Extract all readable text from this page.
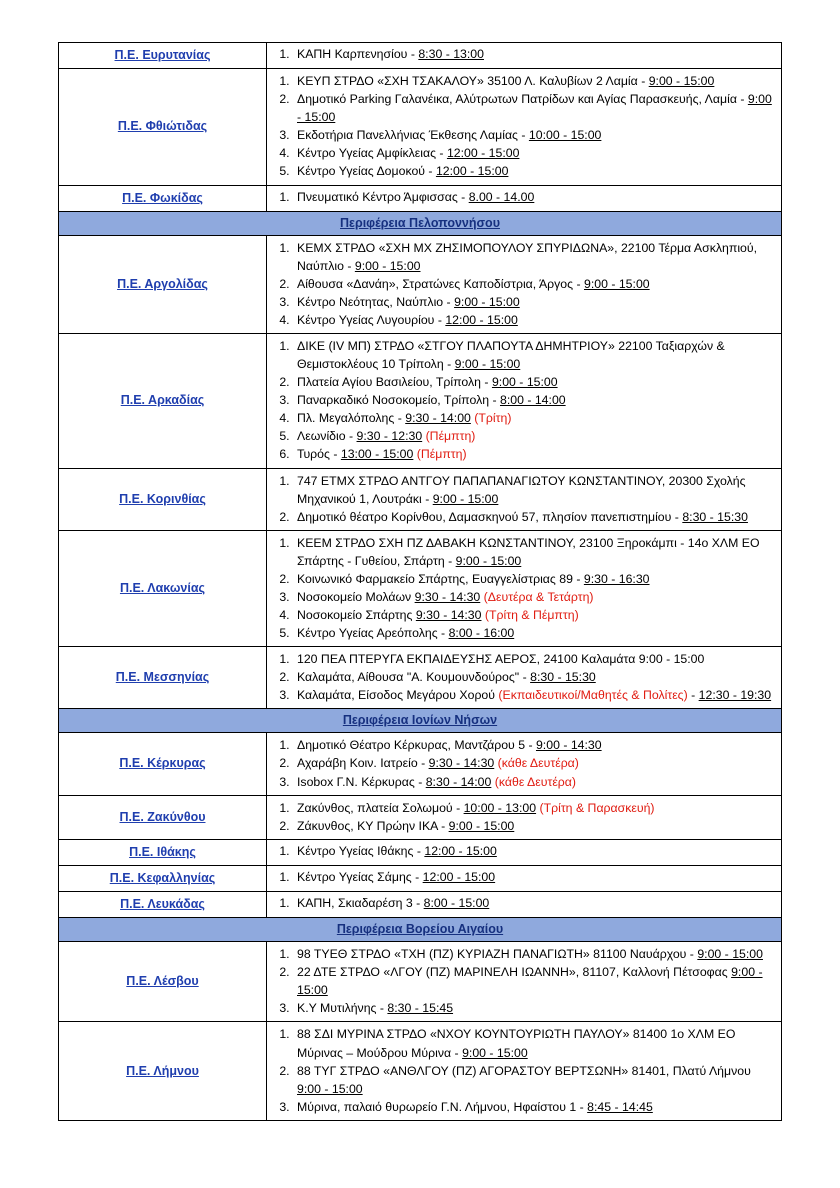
Π.Ε. Ευρυτανίας	
1.ΚΑΠΗ Καρπενησίου - 8:30 - 13:00

Π.Ε. Φθιώτιδας	
1. ΚΕΥΠ ΣΤΡΔΟ «ΣΧΗ ΤΣΑΚΑΛΟΥ» 35100 Λ. Καλυβίων 2 Λαμία - 9:00 - 15:00
2. Δημοτικό Parking Γαλανέικα, Αλύτρωτων Πατρίδων και Αγίας Παρασκευής, Λαμία - 9:00 - 15:00
3. Εκδοτήρια Πανελλήνιας Έκθεσης Λαμίας - 10:00 - 15:00
4. Κέντρο Υγείας Αμφίκλειας - 12:00 - 15:00
5. Κέντρο Υγείας Δομοκού - 12:00 - 15:00

Π.Ε. Φωκίδας	
1.Πνευματικό Κέντρο Άμφισσας - 8.00 - 14.00

Περιφέρεια Πελοποννήσου	

Π.Ε. Αργολίδας	
1. ΚΕΜΧ ΣΤΡΔΟ «ΣΧΗ ΜΧ ΖΗΣΙΜΟΠΟΥΛΟΥ ΣΠΥΡΙΔΩΝΑ», 22100 Τέρμα Ασκληπιού, Ναύπλιο - 9:00 - 15:00
2. Αίθουσα «Δανάη», Στρατώνες Καποδίστρια, Άργος - 9:00 - 15:00
3. Κέντρο Νεότητας, Ναύπλιο - 9:00 - 15:00
4. Κέντρο Υγείας Λυγουρίου - 12:00 - 15:00

Π.Ε. Αρκαδίας	
1. ΔΙΚΕ (IV ΜΠ) ΣΤΡΔΟ «ΣΤΓΟΥ ΠΛΑΠΟΥΤΑ ΔΗΜΗΤΡΙΟΥ» 22100 Ταξιαρχών & Θεμιστοκλέους 10 Τρίπολη - 9:00 - 15:00
2. Πλατεία Αγίου Βασιλείου, Τρίπολη - 9:00 - 15:00
3. Παναρκαδικό Νοσοκομείο, Τρίπολη - 8:00 - 14:00
4. Πλ. Μεγαλόπολης - 9:30 - 14:00 (Τρίτη)
5. Λεωνίδιο - 9:30 - 12:30 (Πέμπτη)
6. Τυρός - 13:00 - 15:00 (Πέμπτη)

Π.Ε. Κορινθίας	
1. 747 ΕΤΜΧ ΣΤΡΔΟ ΑΝΤΓΟΥ ΠΑΠΑΠΑΝΑΓΙΩΤΟΥ ΚΩΝΣΤΑΝΤΙΝΟΥ, 20300 Σχολής Μηχανικού 1, Λουτράκι - 9:00 - 15:00
2. Δημοτικό θέατρο Κορίνθου, Δαμασκηνού 57, πλησίον πανεπιστημίου - 8:30 - 15:30

Π.Ε. Λακωνίας	
1. ΚΕΕΜ ΣΤΡΔΟ ΣΧΗ ΠΖ ΔΑΒΑΚΗ ΚΩΝΣΤΑΝΤΙΝΟΥ, 23100 Ξηροκάμπι - 14ο ΧΛΜ ΕΟ Σπάρτης - Γυθείου, Σπάρτη - 9:00 - 15:00
2. Κοινωνικό Φαρμακείο Σπάρτης, Ευαγγελίστριας 89 - 9:30 - 16:30
3. Νοσοκομείο Μολάων 9:30 - 14:30 (Δευτέρα & Τετάρτη)
4. Νοσοκομείο Σπάρτης 9:30 - 14:30 (Τρίτη & Πέμπτη)
5. Κέντρο Υγείας Αρεόπολης - 8:00 - 16:00

Π.Ε. Μεσσηνίας	
1. 120 ΠΕΑ ΠΤΕΡΥΓΑ ΕΚΠΑΙΔΕΥΣΗΣ ΑΕΡΟΣ, 24100 Καλαμάτα 9:00 - 15:00
2. Καλαμάτα, Αίθουσα "Α. Κουμουνδούρος" - 8:30 - 15:30
3. Καλαμάτα, Είσοδος Μεγάρου Χορού (Εκπαιδευτικοί/Μαθητές & Πολίτες) - 12:30 - 19:30

Περιφέρεια Ιονίων Νήσων	

Π.Ε. Κέρκυρας	
1. Δημοτικό Θέατρο Κέρκυρας, Μαντζάρου 5 - 9:00 - 14:30
2. Αχαράβη Κοιν. Ιατρείο - 9:30 - 14:30 (κάθε Δευτέρα)
3. Isobox Γ.Ν. Κέρκυρας - 8:30 - 14:00 (κάθε Δευτέρα)

Π.Ε. Ζακύνθου	
1. Ζακύνθος, πλατεία Σολωμού - 10:00 - 13:00 (Τρίτη & Παρασκευή)
2. Ζάκυνθος, ΚΥ Πρώην ΙΚΑ - 9:00 - 15:00

Π.Ε. Ιθάκης	
1.Κέντρο Υγείας Ιθάκης - 12:00 - 15:00

Π.Ε. Κεφαλληνίας	
1.Κέντρο Υγείας Σάμης - 12:00 - 15:00

Π.Ε. Λευκάδας	
1.ΚΑΠΗ, Σκιαδαρέση 3 - 8:00 - 15:00

Περιφέρεια Βορείου Αιγαίου	

Π.Ε. Λέσβου	
1. 98 ΤΥΕΘ ΣΤΡΔΟ «ΤΧΗ (ΠΖ) ΚΥΡΙΑΖΗ ΠΑΝΑΓΙΩΤΗ» 81100 Ναυάρχου - 9:00 - 15:00
2. 22 ΔΤΕ ΣΤΡΔΟ «ΛΓΟΥ (ΠΖ) ΜΑΡΙΝΕΛΗ ΙΩΑΝΝΗ», 81107, Καλλονή Πέτσοφας 9:00 - 15:00
3. Κ.Υ Μυτιλήνης - 8:30 - 15:45

Π.Ε. Λήμνου	
1. 88 ΣΔΙ ΜΥΡΙΝΑ ΣΤΡΔΟ «ΝΧΟΥ ΚΟΥΝΤΟΥΡΙΩΤΗ ΠΑΥΛΟΥ» 81400 1ο ΧΛΜ ΕΟ Μύρινας – Μούδρου Μύρινα - 9:00 - 15:00
2. 88 ΤΥΓ ΣΤΡΔΟ «ΑΝΘΛΓΟΥ (ΠΖ) ΑΓΟΡΑΣΤΟΥ ΒΕΡΤΣΩΝΗ» 81401, Πλατύ Λήμνου 9:00 - 15:00
3. Μύρινα, παλαιό θυρωρείο Γ.Ν. Λήμνου, Ηφαίστου 1 - 8:45 - 14:45
